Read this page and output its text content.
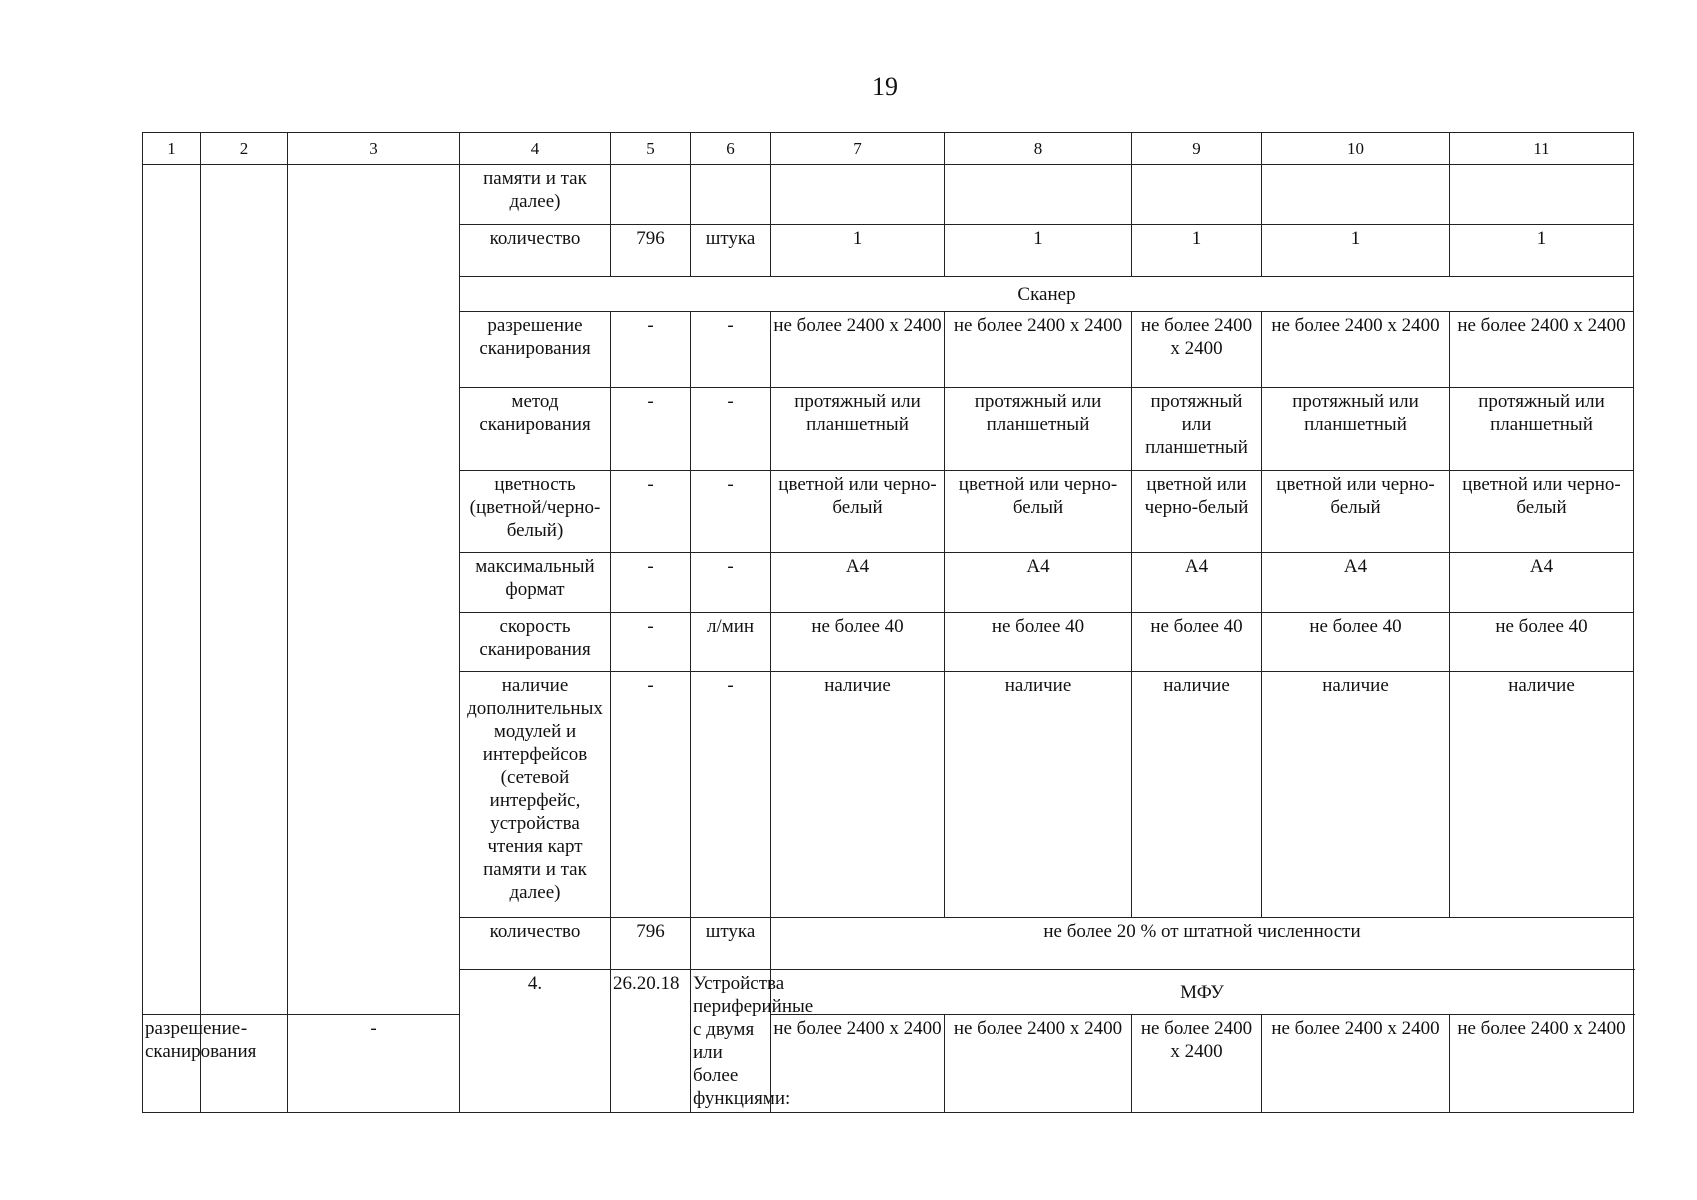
19
1	2	3	4	5	6	7	8	9	10	11
			памяти и так далее)							
			количество	796	штука	1	1	1	1	1
			Сканер							
			разрешение сканирования	-	-	не более 2400 х 2400	не более 2400 х 2400	не более 2400 х 2400	не более 2400 х 2400	не более 2400 х 2400
			метод сканирования	-	-	протяжный или планшетный	протяжный или планшетный	протяжный или планшетный	протяжный или планшетный	протяжный или планшетный
			цветность (цветной/черно-белый)	-	-	цветной или черно-белый	цветной или черно-белый	цветной или черно-белый	цветной или черно-белый	цветной или черно-белый
			максимальный формат	-	-	А4	А4	А4	А4	А4
			скорость сканирования	-	л/мин	не более 40	не более 40	не более 40	не более 40	не более 40
			наличие дополнительных модулей и интерфейсов (сетевой интерфейс, устройства чтения карт памяти и так далее)	-	-	наличие	наличие	наличие	наличие	наличие
			количество	796	штука	не более 20 % от штатной численности				
			4.	26.20.18	Устройства периферийные с двумя или более функциями:	МФУ				
разрешение сканирования	-	-				не более 2400 х 2400	не более 2400 х 2400	не более 2400 х 2400	не более 2400 х 2400	не более 2400 х 2400
